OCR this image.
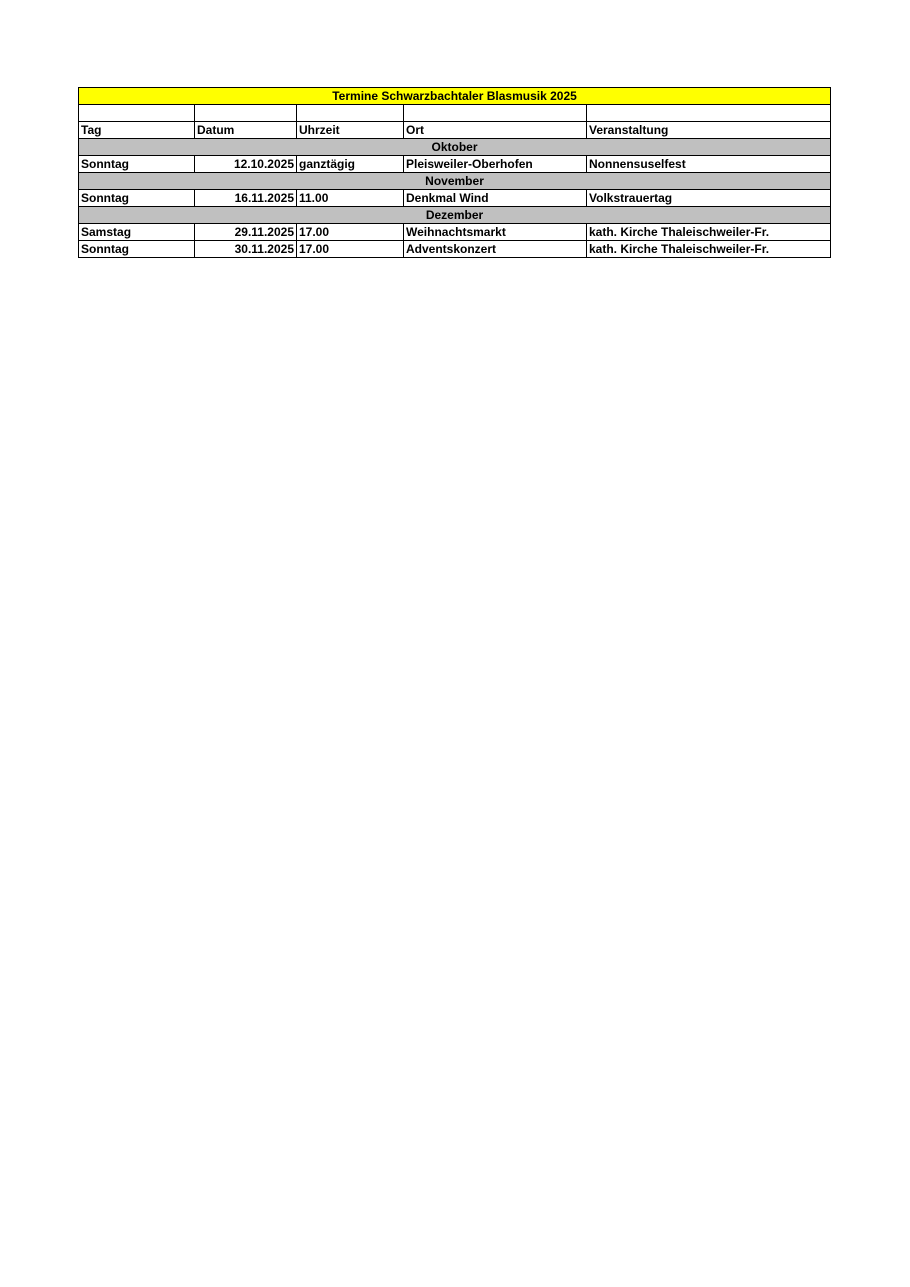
Termine Schwarzbachtaler Blasmusik 2025				

Tag	Datum	Uhrzeit	Ort	Veranstaltung
Oktober				
Sonntag	12.10.2025	ganztägig	Pleisweiler-Oberhofen	Nonnensuselfest
November				
Sonntag	16.11.2025	11.00	Denkmal Wind	Volkstrauertag
Dezember				
Samstag	29.11.2025	17.00	Weihnachtsmarkt	kath. Kirche Thaleischweiler-Fr.
Sonntag	30.11.2025	17.00	Adventskonzert	kath. Kirche Thaleischweiler-Fr.
